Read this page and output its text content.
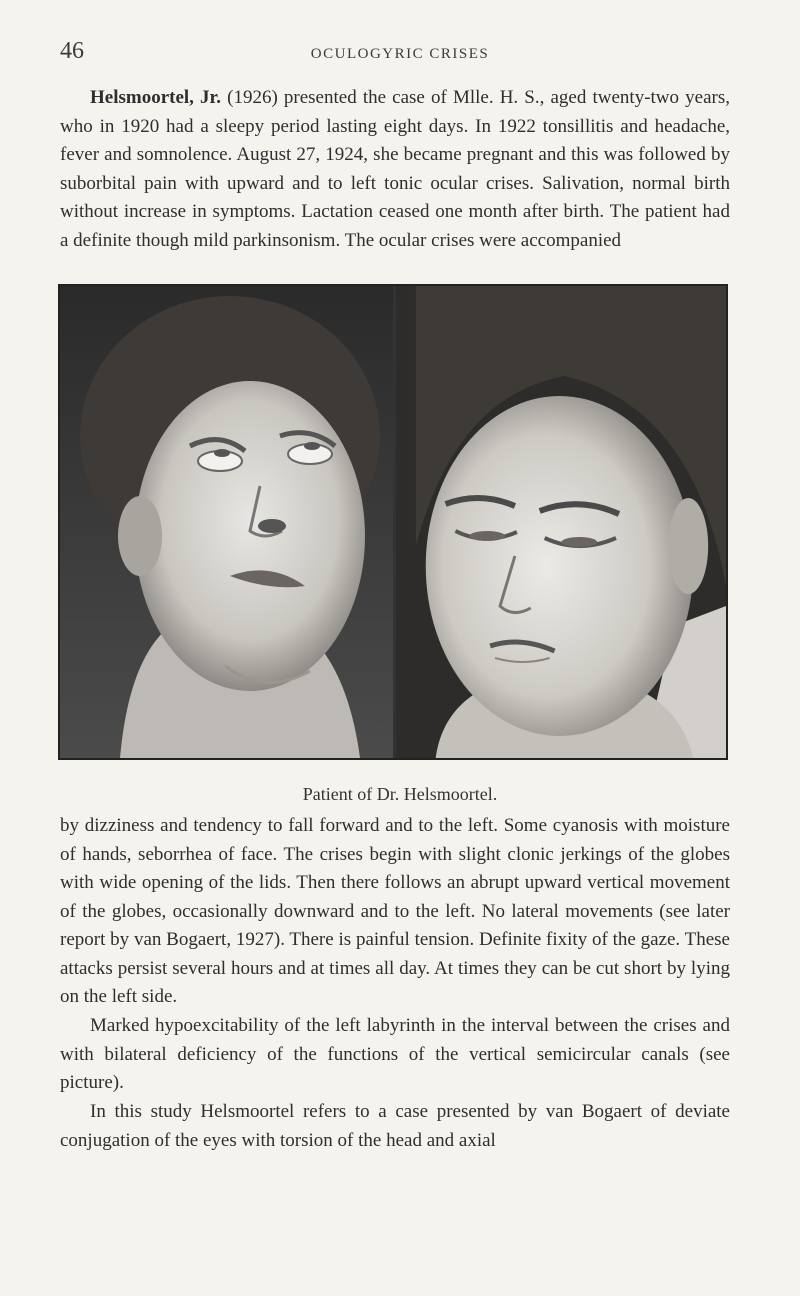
46	OCULOGYRIC CRISES

Helsmoortel, Jr. (1926) presented the case of Mlle. H. S., aged twenty-two years, who in 1920 had a sleepy period lasting eight days. In 1922 tonsillitis and headache, fever and somnolence. August 27, 1924, she became pregnant and this was followed by suborbital pain with upward and to left tonic ocular crises. Salivation, normal birth without increase in symptoms. Lactation ceased one month after birth. The patient had a definite though mild parkinsonism. The ocular crises were accompanied

Patient of Dr. Helsmoortel.

by dizziness and tendency to fall forward and to the left. Some cyanosis with moisture of hands, seborrhea of face. The crises begin with slight clonic jerkings of the globes with wide opening of the lids. Then there follows an abrupt upward vertical movement of the globes, occasionally downward and to the left. No lateral movements (see later report by van Bogaert, 1927). There is painful tension. Definite fixity of the gaze. These attacks persist several hours and at times all day. At times they can be cut short by lying on the left side.

Marked hypoexcitability of the left labyrinth in the interval between the crises and with bilateral deficiency of the functions of the vertical semicircular canals (see picture).

In this study Helsmoortel refers to a case presented by van Bogaert of deviate conjugation of the eyes with torsion of the head and axial
